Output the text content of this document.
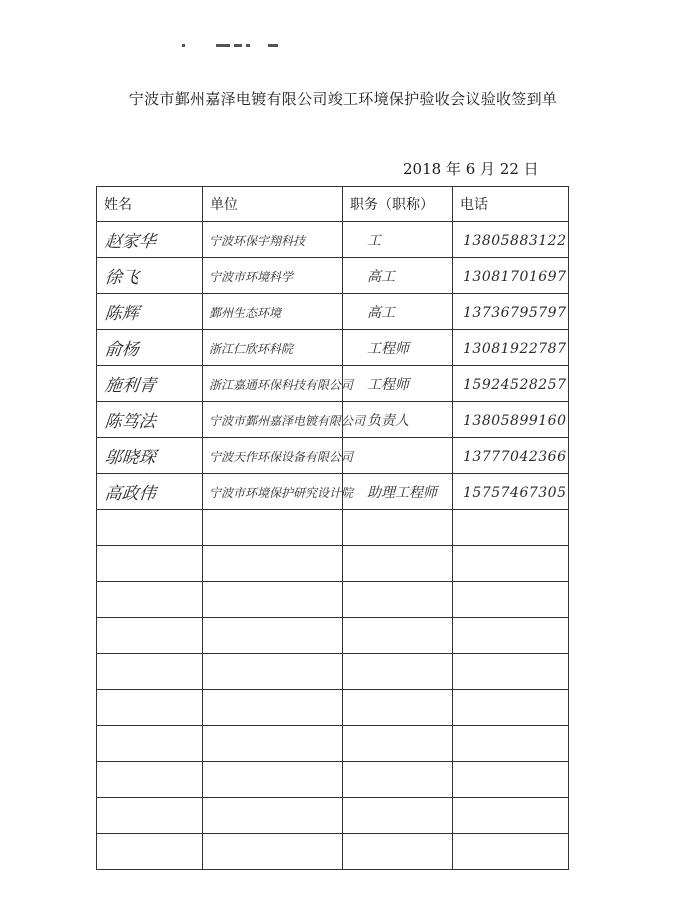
宁波市鄞州嘉泽电镀有限公司竣工环境保护验收会议验收签到单
2018 年 6 月 22 日
姓名	单位	职务（职称）	电话
赵家华	宁波环保宇翔科技	工	13805883122
徐飞	宁波市环境科学	高工	13081701697
陈辉	鄞州生态环境	高工	13736795797
俞杨	浙江仁欣环科院	工程师	13081922787
施利青	浙江嘉通环保科技有限公司	工程师	15924528257
陈笃法	宁波市鄞州嘉泽电镀有限公司	负责人	13805899160
邬晓琛	宁波天作环保设备有限公司		13777042366
高政伟	宁波市环境保护研究设计院	助理工程师	15757467305
